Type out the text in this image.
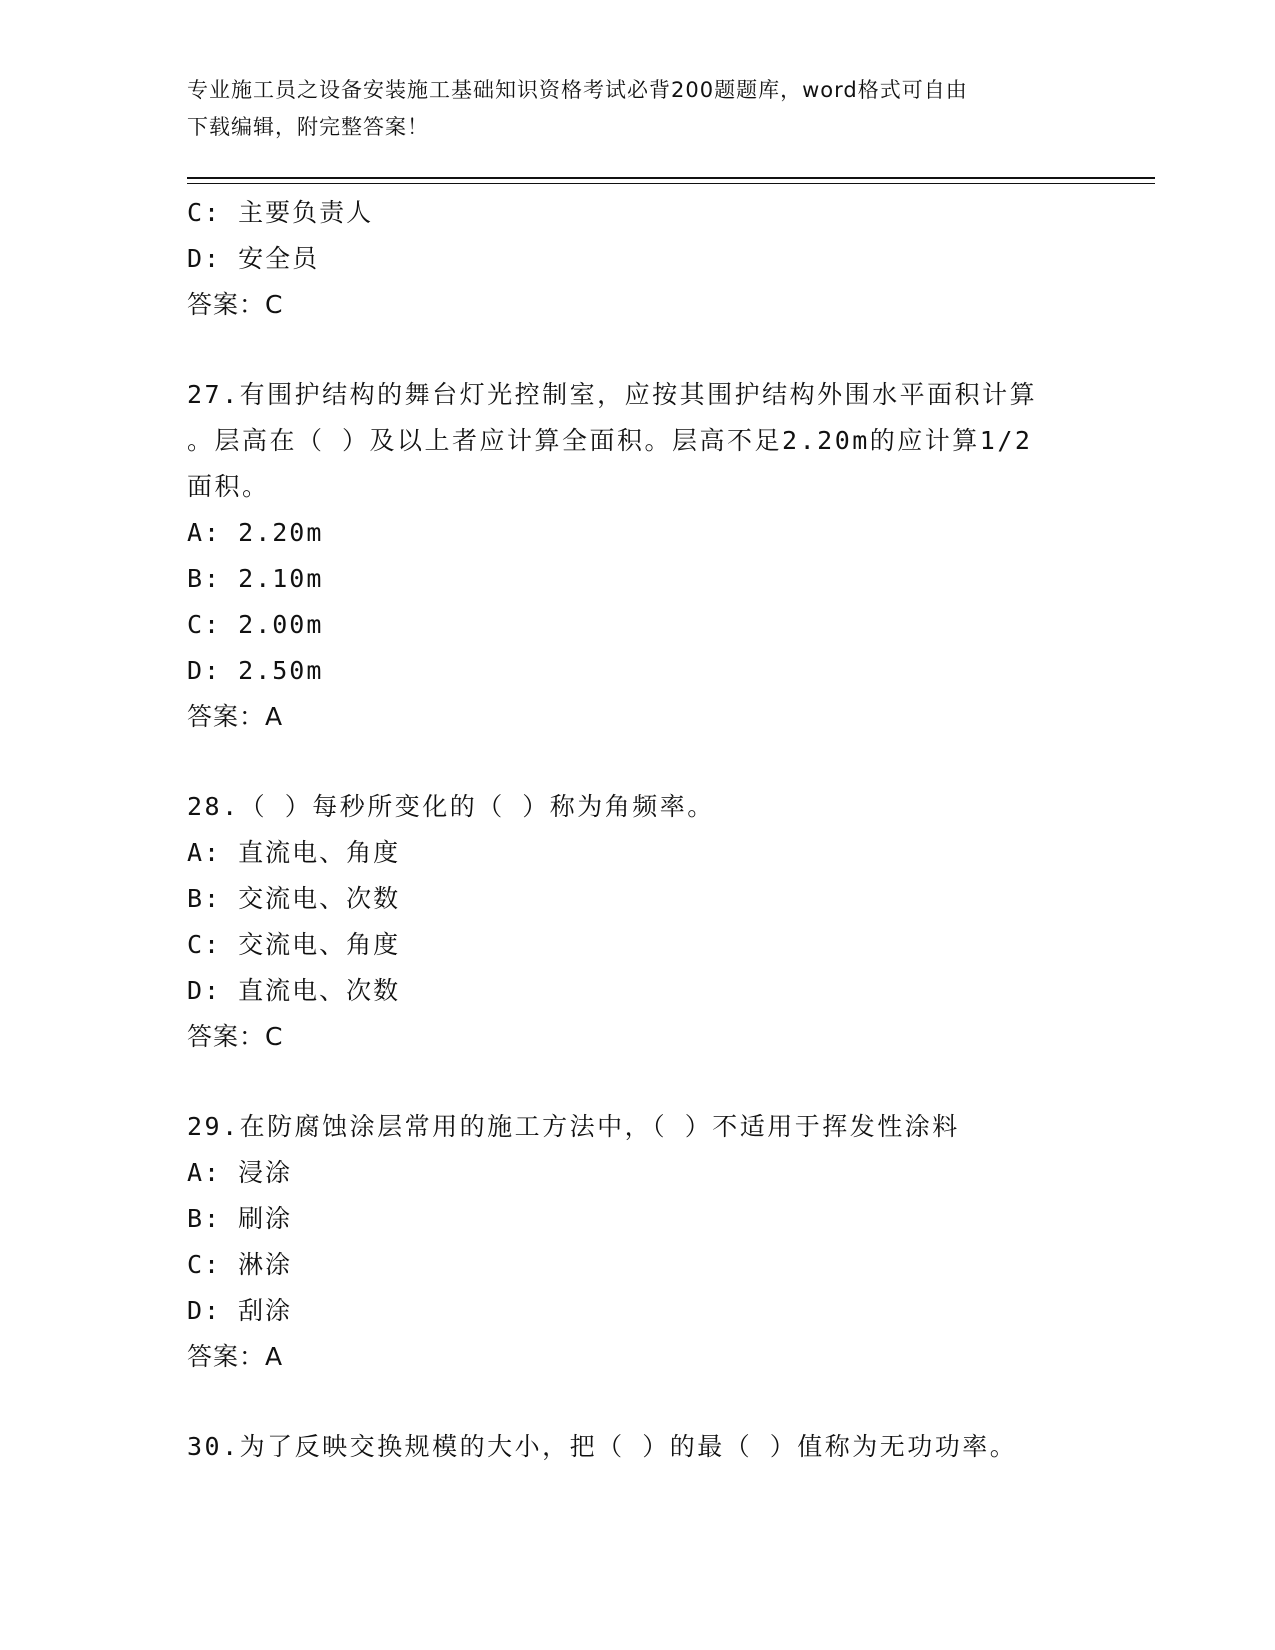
专业施工员之设备安装施工基础知识资格考试必背200题题库，word格式可自由
下载编辑，附完整答案！
C: 主要负责人
D: 安全员
答案：C
27.有围护结构的舞台灯光控制室，应按其围护结构外围水平面积计算
。层高在（ ）及以上者应计算全面积。层高不足2.20m的应计算1/2
面积。
A: 2.20m
B: 2.10m
C: 2.00m
D: 2.50m
答案：A
28.（ ）每秒所变化的（ ）称为角频率。
A: 直流电、角度
B: 交流电、次数
C: 交流电、角度
D: 直流电、次数
答案：C
29.在防腐蚀涂层常用的施工方法中，（ ）不适用于挥发性涂料
A: 浸涂
B: 刷涂
C: 淋涂
D: 刮涂
答案：A
30.为了反映交换规模的大小，把（ ）的最（ ）值称为无功功率。
